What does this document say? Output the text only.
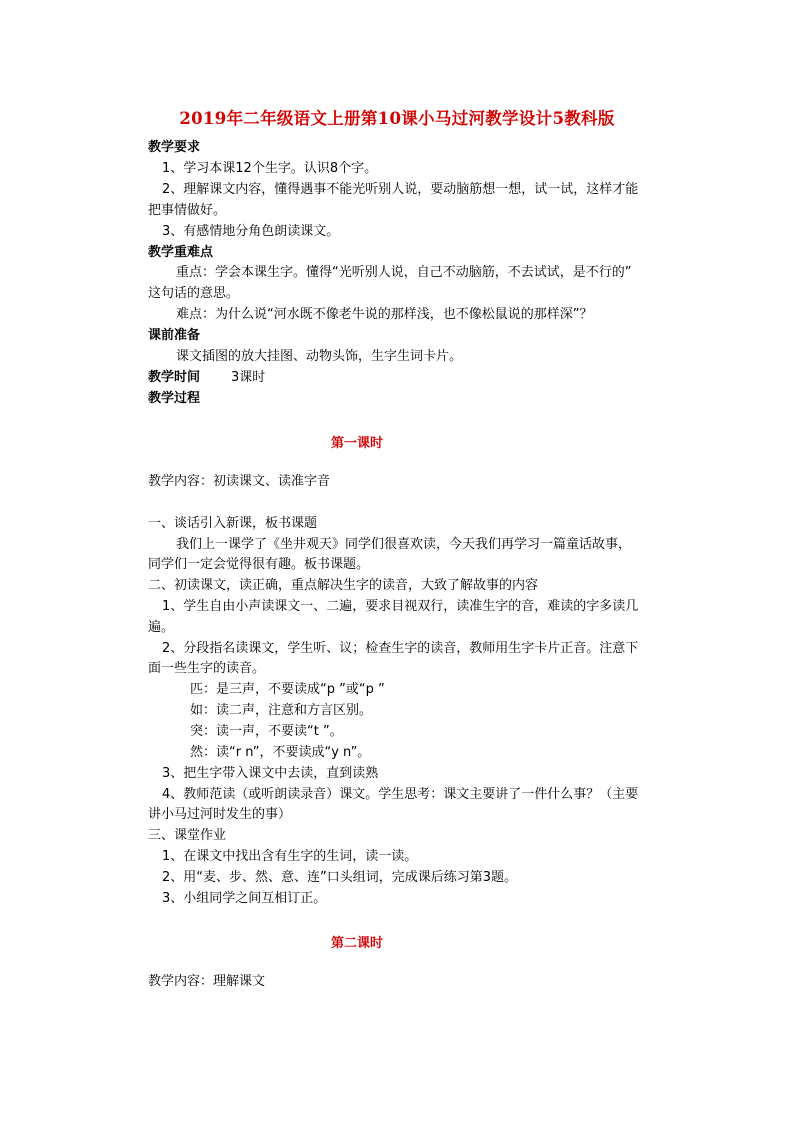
2019年二年级语文上册第10课小马过河教学设计5教科版
教学要求
1、学习本课12个生字。认识8个字。
2、理解课文内容，懂得遇事不能光听别人说，要动脑筋想一想，试一试，这样才能
把事情做好。
3、有感情地分角色朗读课文。
教学重难点
重点：学会本课生字。懂得“光听别人说，自己不动脑筋，不去试试，是不行的”
这句话的意思。
难点：为什么说“河水既不像老牛说的那样浅，也不像松鼠说的那样深”？
课前准备
课文插图的放大挂图、动物头饰，生字生词卡片。
教学时间 3课时
教学过程
第一课时
教学内容：初读课文、读准字音
一、谈话引入新课，板书课题
我们上一课学了《坐井观天》同学们很喜欢读，今天我们再学习一篇童话故事，
同学们一定会觉得很有趣。板书课题。
二、初读课文，读正确，重点解决生字的读音，大致了解故事的内容
1、学生自由小声读课文一、二遍，要求目视双行，读准生字的音，难读的字多读几
遍。
2、分段指名读课文，学生听、议；检查生字的读音，教师用生字卡片正音。注意下
面一些生字的读音。
匹：是三声，不要读成“p ”或“p ”
如：读二声，注意和方言区别。
突：读一声，不要读“t ”。
然：读“r n”，不要读成“y n”。
3、把生字带入课文中去读，直到读熟
4、教师范读（或听朗读录音）课文。学生思考：课文主要讲了一件什么事？（主要
讲小马过河时发生的事）
三、课堂作业
1、在课文中找出含有生字的生词，读一读。
2、用“麦、步、然、意、连”口头组词，完成课后练习第3题。
3、小组同学之间互相订正。
第二课时
教学内容：理解课文
